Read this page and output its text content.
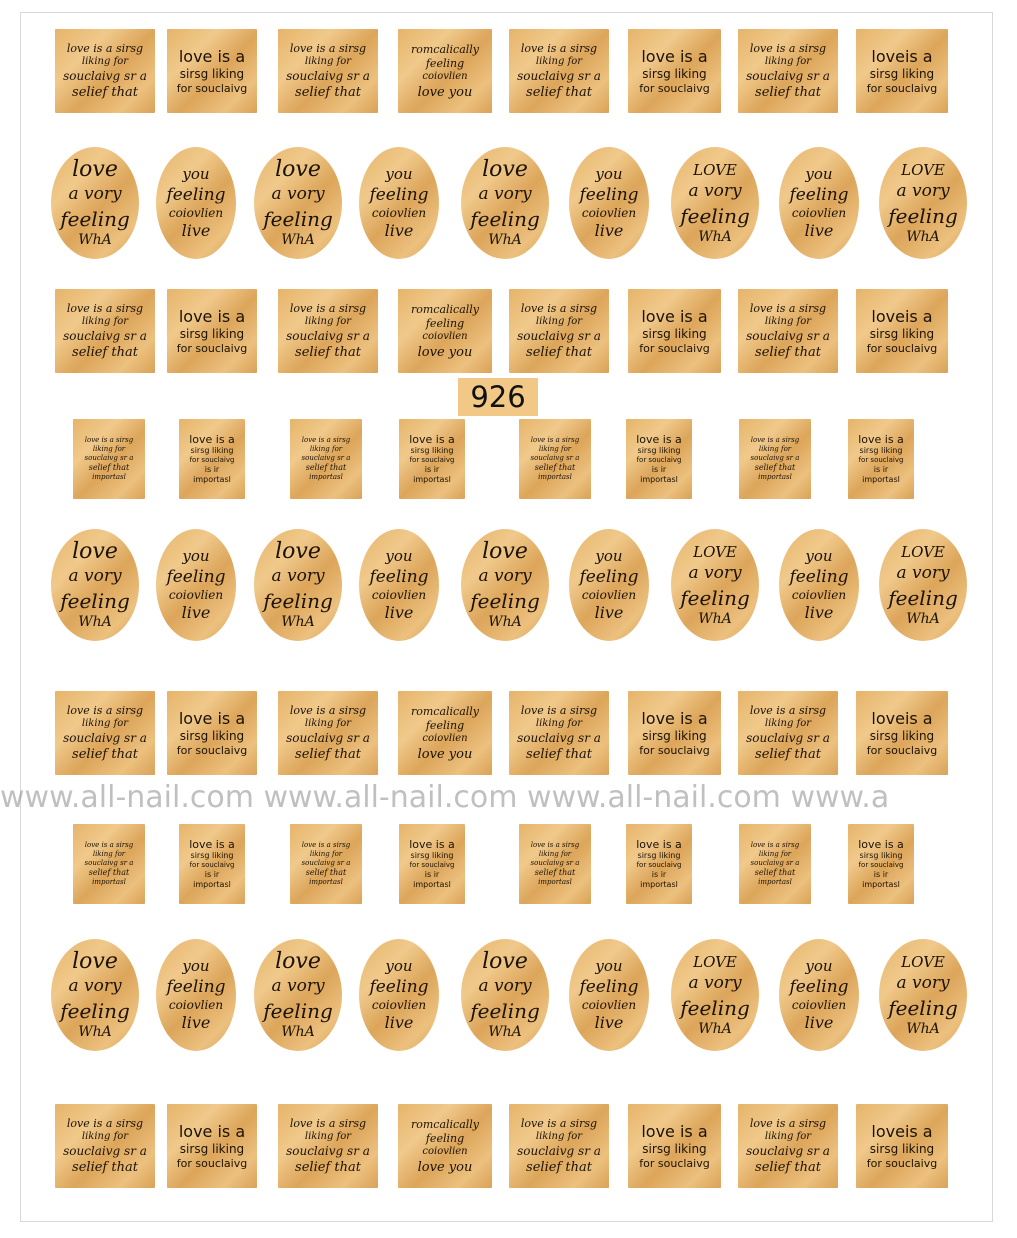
love is a sirsg
liking for
souclaivg sr a
selief that
love is a
sirsg liking
for souclaivg
love is a sirsg
liking for
souclaivg sr a
selief that
romcalically
feeling
coiovlien
love you
love is a sirsg
liking for
souclaivg sr a
selief that
love is a
sirsg liking
for souclaivg
love is a sirsg
liking for
souclaivg sr a
selief that
loveis a
sirsg liking
for souclaivg
love
a vory
feeling
WhA
you
feeling
coiovlien
live
love
a vory
feeling
WhA
you
feeling
coiovlien
live
love
a vory
feeling
WhA
you
feeling
coiovlien
live
LOVE
a vory
feeling
WhA
you
feeling
coiovlien
live
LOVE
a vory
feeling
WhA
love is a sirsg
liking for
souclaivg sr a
selief that
love is a
sirsg liking
for souclaivg
love is a sirsg
liking for
souclaivg sr a
selief that
romcalically
feeling
coiovlien
love you
love is a sirsg
liking for
souclaivg sr a
selief that
love is a
sirsg liking
for souclaivg
love is a sirsg
liking for
souclaivg sr a
selief that
loveis a
sirsg liking
for souclaivg
love is a sirsg
liking for
souclaivg sr a
selief that
importasl
love is a
sirsg liking
for souclaivg
is ir
importasl
love is a sirsg
liking for
souclaivg sr a
selief that
importasl
love is a
sirsg liking
for souclaivg
is ir
importasl
love is a sirsg
liking for
souclaivg sr a
selief that
importasl
love is a
sirsg liking
for souclaivg
is ir
importasl
love is a sirsg
liking for
souclaivg sr a
selief that
importasl
love is a
sirsg liking
for souclaivg
is ir
importasl
love
a vory
feeling
WhA
you
feeling
coiovlien
live
love
a vory
feeling
WhA
you
feeling
coiovlien
live
love
a vory
feeling
WhA
you
feeling
coiovlien
live
LOVE
a vory
feeling
WhA
you
feeling
coiovlien
live
LOVE
a vory
feeling
WhA
love is a sirsg
liking for
souclaivg sr a
selief that
love is a
sirsg liking
for souclaivg
love is a sirsg
liking for
souclaivg sr a
selief that
romcalically
feeling
coiovlien
love you
love is a sirsg
liking for
souclaivg sr a
selief that
love is a
sirsg liking
for souclaivg
love is a sirsg
liking for
souclaivg sr a
selief that
loveis a
sirsg liking
for souclaivg
love is a sirsg
liking for
souclaivg sr a
selief that
importasl
love is a
sirsg liking
for souclaivg
is ir
importasl
love is a sirsg
liking for
souclaivg sr a
selief that
importasl
love is a
sirsg liking
for souclaivg
is ir
importasl
love is a sirsg
liking for
souclaivg sr a
selief that
importasl
love is a
sirsg liking
for souclaivg
is ir
importasl
love is a sirsg
liking for
souclaivg sr a
selief that
importasl
love is a
sirsg liking
for souclaivg
is ir
importasl
love
a vory
feeling
WhA
you
feeling
coiovlien
live
love
a vory
feeling
WhA
you
feeling
coiovlien
live
love
a vory
feeling
WhA
you
feeling
coiovlien
live
LOVE
a vory
feeling
WhA
you
feeling
coiovlien
live
LOVE
a vory
feeling
WhA
love is a sirsg
liking for
souclaivg sr a
selief that
love is a
sirsg liking
for souclaivg
love is a sirsg
liking for
souclaivg sr a
selief that
romcalically
feeling
coiovlien
love you
love is a sirsg
liking for
souclaivg sr a
selief that
love is a
sirsg liking
for souclaivg
love is a sirsg
liking for
souclaivg sr a
selief that
loveis a
sirsg liking
for souclaivg
926
www.all-nail.com www.all-nail.com www.all-nail.com www.a
